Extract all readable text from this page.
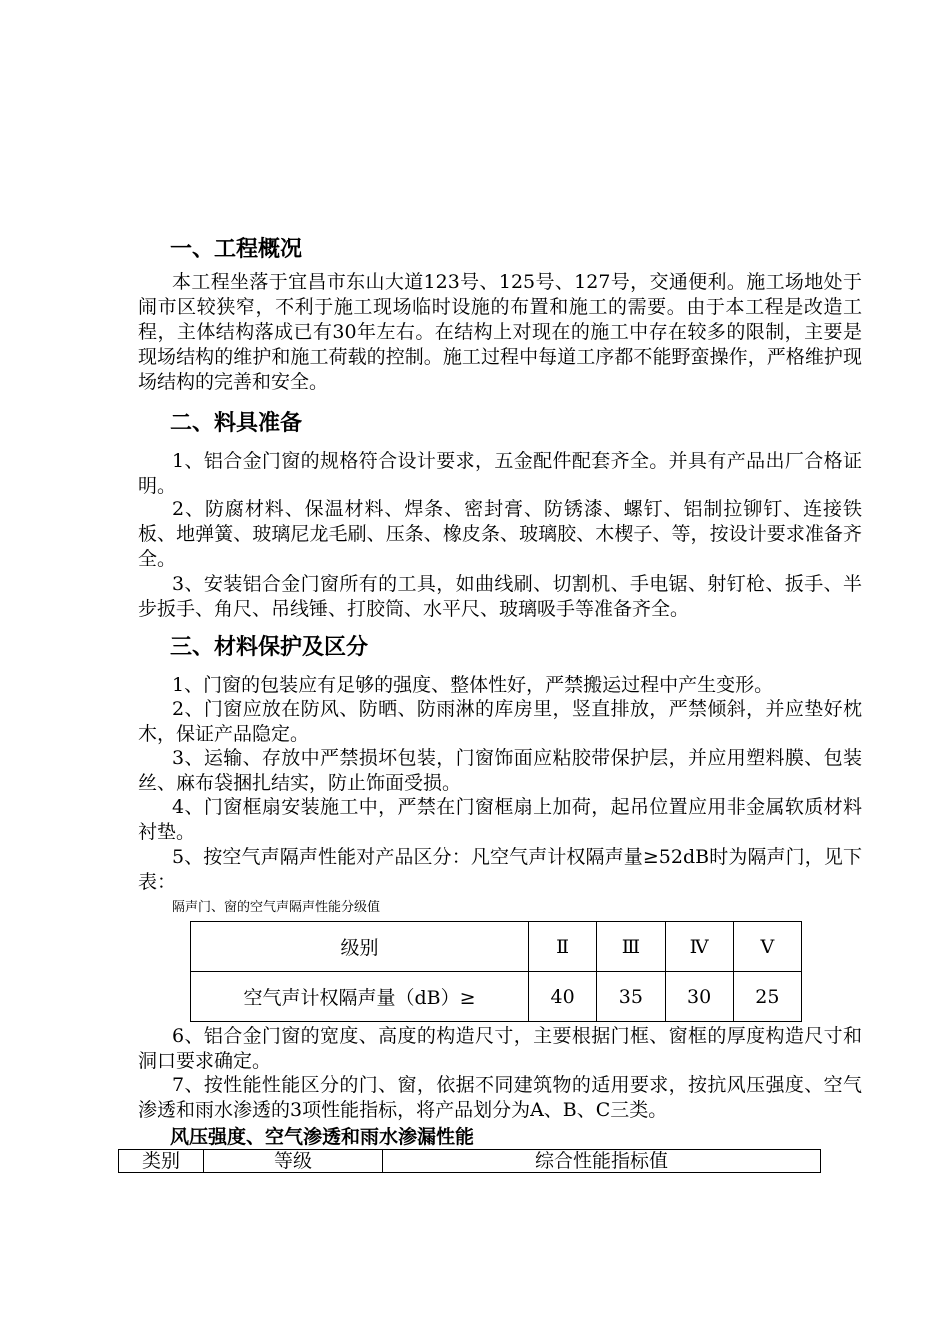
一、工程概况
本工程坐落于宜昌市东山大道123号、125号、127号，交通便利。施工场地处于闹市区较狭窄，不利于施工现场临时设施的布置和施工的需要。由于本工程是改造工程，主体结构落成已有30年左右。在结构上对现在的施工中存在较多的限制，主要是现场结构的维护和施工荷载的控制。施工过程中每道工序都不能野蛮操作，严格维护现场结构的完善和安全。
二、料具准备
1、铝合金门窗的规格符合设计要求，五金配件配套齐全。并具有产品出厂合格证明。
2、防腐材料、保温材料、焊条、密封膏、防锈漆、螺钉、铝制拉铆钉、连接铁板、地弹簧、玻璃尼龙毛刷、压条、橡皮条、玻璃胶、木楔子、等，按设计要求准备齐全。
3、安装铝合金门窗所有的工具，如曲线刷、切割机、手电锯、射钉枪、扳手、半步扳手、角尺、吊线锤、打胶筒、水平尺、玻璃吸手等准备齐全。
三、材料保护及区分
1、门窗的包装应有足够的强度、整体性好，严禁搬运过程中产生变形。
2、门窗应放在防风、防晒、防雨淋的库房里，竖直排放，严禁倾斜，并应垫好枕木，保证产品隐定。
3、运输、存放中严禁损坏包装，门窗饰面应粘胶带保护层，并应用塑料膜、包装丝、麻布袋捆扎结实，防止饰面受损。
4、门窗框扇安装施工中，严禁在门窗框扇上加荷，起吊位置应用非金属软质材料衬垫。
5、按空气声隔声性能对产品区分：凡空气声计权隔声量≥52dB时为隔声门，见下表：
隔声门、窗的空气声隔声性能分级值
级别	Ⅱ	Ⅲ	Ⅳ	Ⅴ
空气声计权隔声量（dB）≥	40	35	30	25
6、铝合金门窗的宽度、高度的构造尺寸，主要根据门框、窗框的厚度构造尺寸和洞口要求确定。
7、按性能性能区分的门、窗，依据不同建筑物的适用要求，按抗风压强度、空气渗透和雨水渗透的3项性能指标，将产品划分为A、B、C三类。
风压强度、空气渗透和雨水渗漏性能
类别	等级	综合性能指标值
